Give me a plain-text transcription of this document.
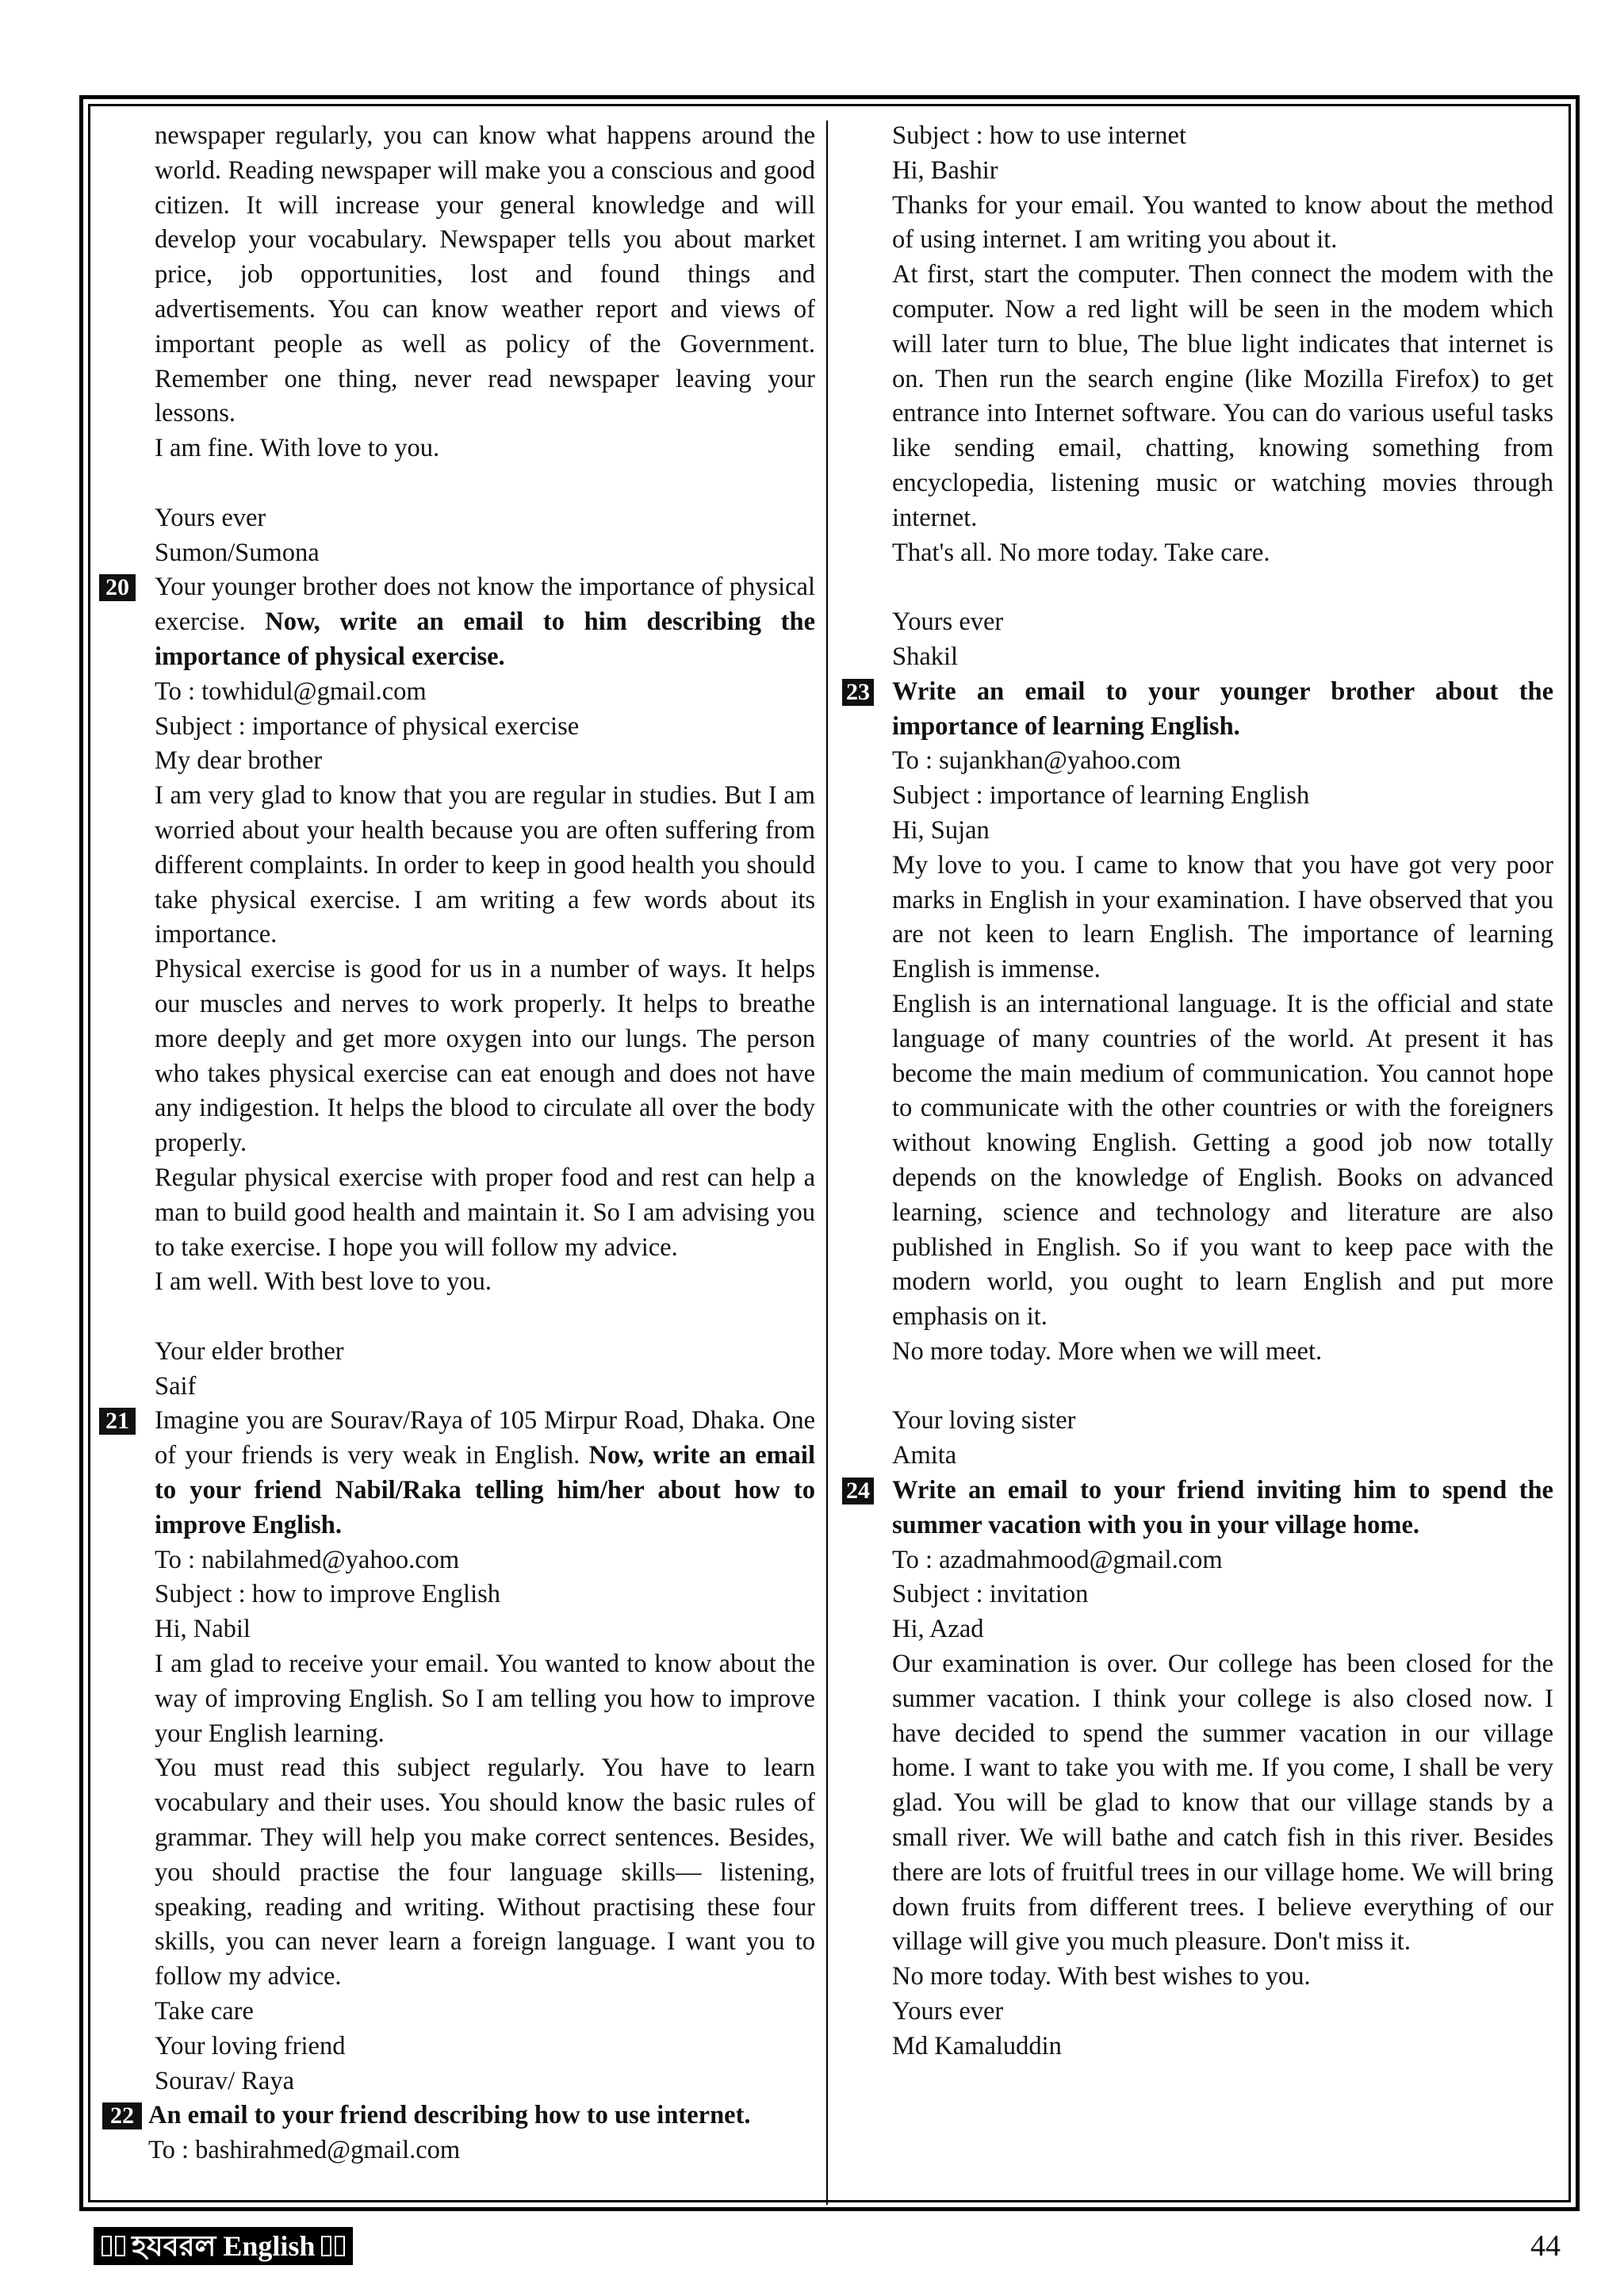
newspaper regularly, you can know what happens around the world. Reading newspaper will make you a conscious and good citizen. It will increase your general knowledge and will develop your vocabulary. Newspaper tells you about market price, job opportunities, lost and found things and advertisements. You can know weather report and views of important people as well as policy of the Government. Remember one thing, never read newspaper leaving your lessons.

I am fine. With love to you.

Yours ever

Sumon/Sumona

20 Your younger brother does not know the importance of physical exercise. Now, write an email to him describing the importance of physical exercise.

To : towhidul@gmail.com

Subject : importance of physical exercise

My dear brother

I am very glad to know that you are regular in studies. But I am worried about your health because you are often suffering from different complaints. In order to keep in good health you should take physical exercise. I am writing a few words about its importance.

Physical exercise is good for us in a number of ways. It helps our muscles and nerves to work properly. It helps to breathe more deeply and get more oxygen into our lungs. The person who takes physical exercise can eat enough and does not have any indigestion. It helps the blood to circulate all over the body properly.

Regular physical exercise with proper food and rest can help a man to build good health and maintain it. So I am advising you to take exercise. I hope you will follow my advice.

I am well. With best love to you.

Your elder brother

Saif

21 Imagine you are Sourav/Raya of 105 Mirpur Road, Dhaka. One of your friends is very weak in English. Now, write an email to your friend Nabil/Raka telling him/her about how to improve English.

To : nabilahmed@yahoo.com

Subject : how to improve English

Hi, Nabil

I am glad to receive your email. You wanted to know about the way of improving English. So I am telling you how to improve your English learning.

You must read this subject regularly. You have to learn vocabulary and their uses. You should know the basic rules of grammar. They will help you make correct sentences. Besides, you should practise the four language skills— listening, speaking, reading and writing. Without practising these four skills, you can never learn a foreign language. I want you to follow my advice.

Take care

Your loving friend

Sourav/ Raya

22 An email to your friend describing how to use internet.

To : bashirahmed@gmail.com

Subject : how to use internet

Hi, Bashir

Thanks for your email. You wanted to know about the method of using internet. I am writing you about it.

At first, start the computer. Then connect the modem with the computer. Now a red light will be seen in the modem which will later turn to blue, The blue light indicates that internet is on. Then run the search engine (like Mozilla Firefox) to get entrance into Internet software. You can do various useful tasks like sending email, chatting, knowing something from encyclopedia, listening music or watching movies through internet.

That's all. No more today. Take care.

Yours ever

Shakil

23 Write an email to your younger brother about the importance of learning English.

To : sujankhan@yahoo.com

Subject : importance of learning English

Hi, Sujan

My love to you. I came to know that you have got very poor marks in English in your examination. I have observed that you are not keen to learn English. The importance of learning English is immense.

English is an international language. It is the official and state language of many countries of the world. At present it has become the main medium of communication. You cannot hope to communicate with the other countries or with the foreigners without knowing English. Getting a good job now totally depends on the knowledge of English. Books on advanced learning, science and technology and literature are also published in English. So if you want to keep pace with the modern world, you ought to learn English and put more emphasis on it.

No more today. More when we will meet.

Your loving sister

Amita

24 Write an email to your friend inviting him to spend the summer vacation with you in your village home.

To : azadmahmood@gmail.com

Subject : invitation

Hi, Azad

Our examination is over. Our college has been closed for the summer vacation. I think your college is also closed now. I have decided to spend the summer vacation in our village home. I want to take you with me. If you come, I shall be very glad. You will be glad to know that our village stands by a small river. We will bathe and catch fish in this river. Besides there are lots of fruitful trees in our village home. We will bring down fruits from different trees. I believe everything of our village will give you much pleasure. Don't miss it.

No more today. With best wishes to you.

Yours ever

Md Kamaluddin

হযবরল English	44
